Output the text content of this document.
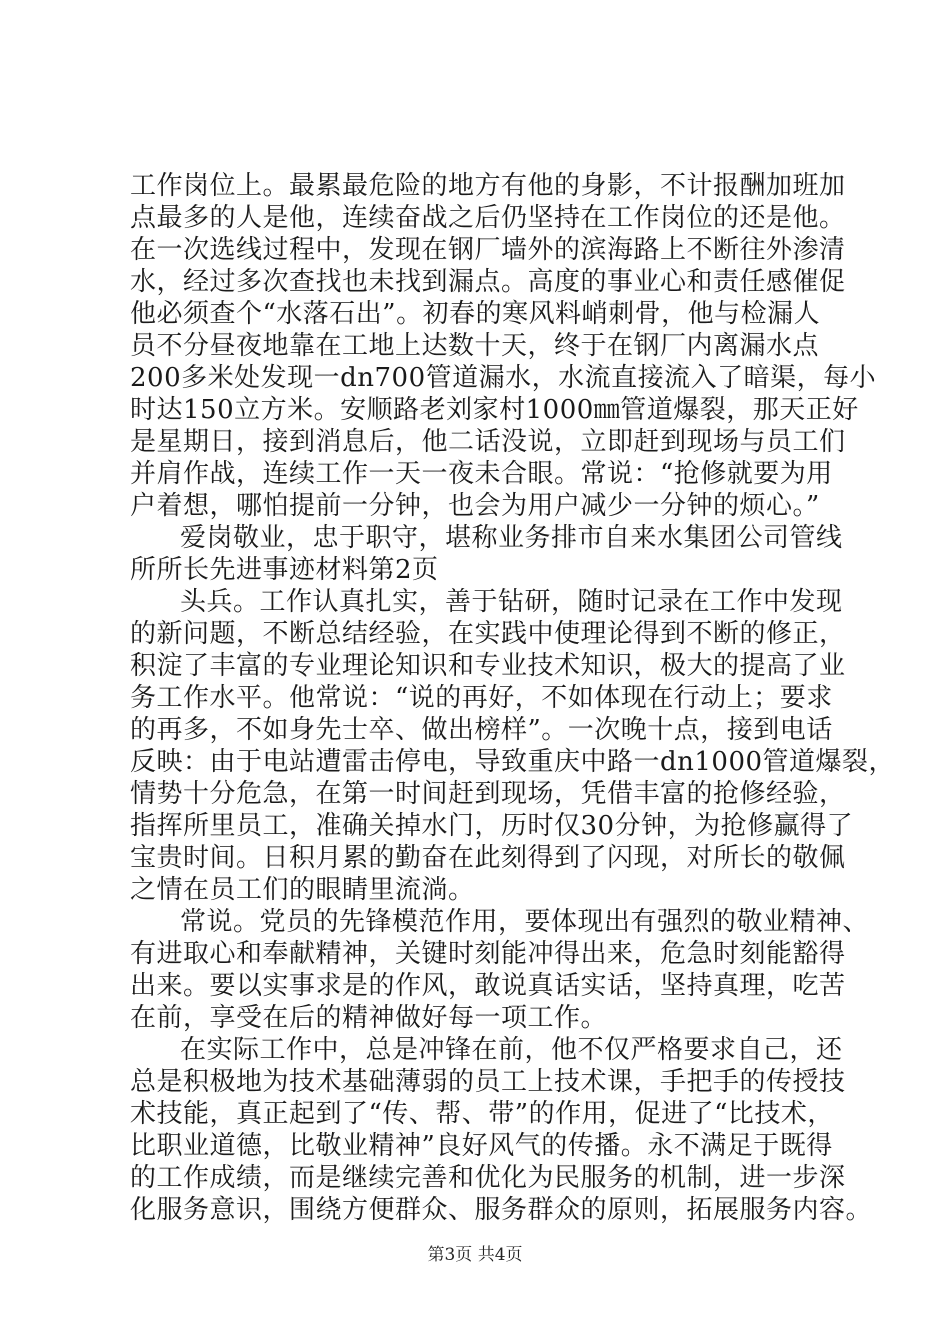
工作岗位上。最累最危险的地方有他的身影，不计报酬加班加
点最多的人是他，连续奋战之后仍坚持在工作岗位的还是他。
在一次选线过程中，发现在钢厂墙外的滨海路上不断往外渗清
水，经过多次查找也未找到漏点。高度的事业心和责任感催促
他必须查个“水落石出”。初春的寒风料峭刺骨，他与检漏人
员不分昼夜地靠在工地上达数十天，终于在钢厂内离漏水点
200多米处发现一dn700管道漏水，水流直接流入了暗渠，每小
时达150立方米。安顺路老刘家村1000㎜管道爆裂，那天正好
是星期日，接到消息后，他二话没说，立即赶到现场与员工们
并肩作战，连续工作一天一夜未合眼。常说：“抢修就要为用
户着想，哪怕提前一分钟，也会为用户减少一分钟的烦心。”
爱岗敬业，忠于职守，堪称业务排市自来水集团公司管线
所所长先进事迹材料第2页
头兵。工作认真扎实，善于钻研，随时记录在工作中发现
的新问题，不断总结经验，在实践中使理论得到不断的修正，
积淀了丰富的专业理论知识和专业技术知识，极大的提高了业
务工作水平。他常说：“说的再好，不如体现在行动上；要求
的再多，不如身先士卒、做出榜样”。一次晚十点，接到电话
反映：由于电站遭雷击停电，导致重庆中路一dn1000管道爆裂，
情势十分危急，在第一时间赶到现场，凭借丰富的抢修经验，
指挥所里员工，准确关掉水门，历时仅30分钟，为抢修赢得了
宝贵时间。日积月累的勤奋在此刻得到了闪现，对所长的敬佩
之情在员工们的眼睛里流淌。
常说。党员的先锋模范作用，要体现出有强烈的敬业精神、
有进取心和奉献精神，关键时刻能冲得出来，危急时刻能豁得
出来。要以实事求是的作风，敢说真话实话，坚持真理，吃苦
在前，享受在后的精神做好每一项工作。
在实际工作中，总是冲锋在前，他不仅严格要求自己，还
总是积极地为技术基础薄弱的员工上技术课，手把手的传授技
术技能，真正起到了“传、帮、带”的作用，促进了“比技术，
比职业道德，比敬业精神”良好风气的传播。永不满足于既得
的工作成绩，而是继续完善和优化为民服务的机制，进一步深
化服务意识，围绕方便群众、服务群众的原则，拓展服务内容。
第3页 共4页
